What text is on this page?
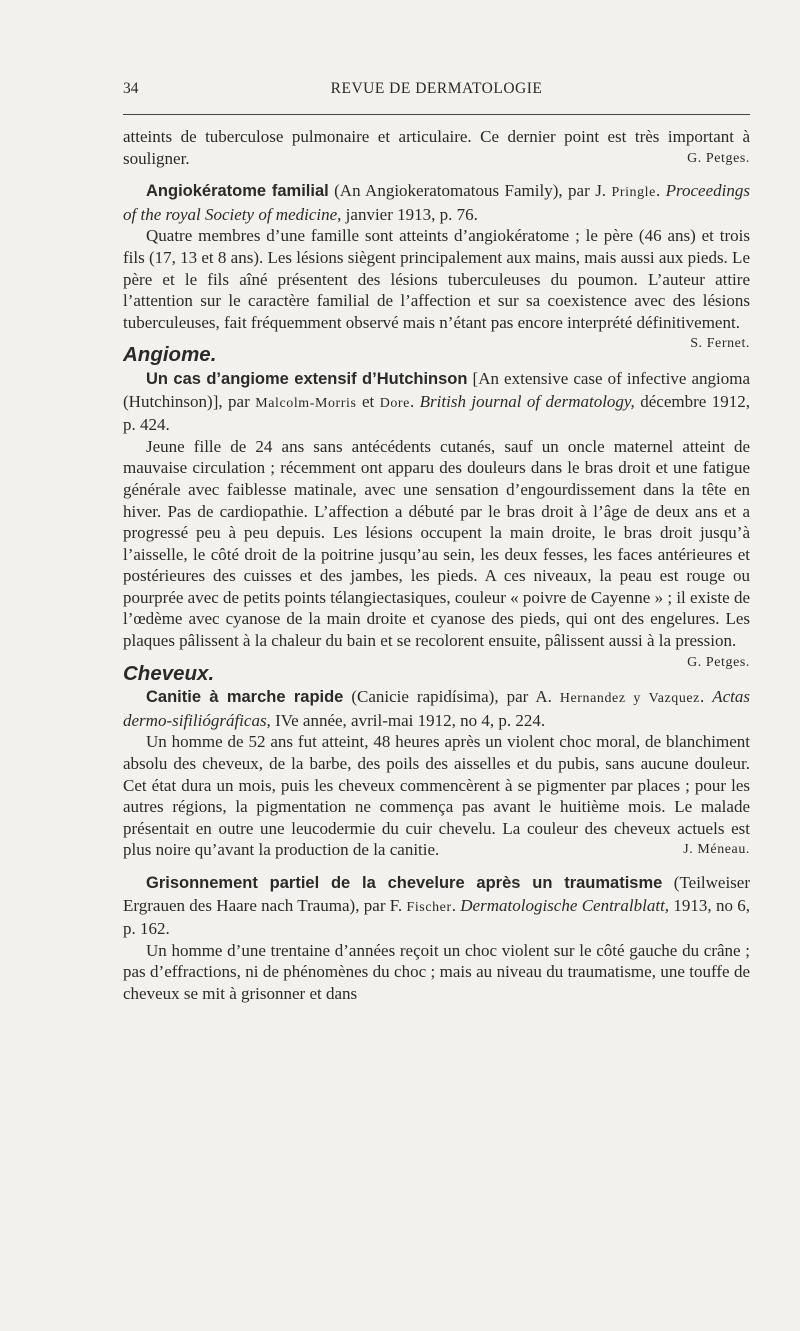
34	REVUE DE DERMATOLOGIE

atteints de tuberculose pulmonaire et articulaire. Ce dernier point est très important à souligner.	G. Petges.

Angiokératome familial (An Angiokeratomatous Family), par J. Pringle. Proceedings of the royal Society of medicine, janvier 1913, p. 76.

Quatre membres d’une famille sont atteints d’angiokératome ; le père (46 ans) et trois fils (17, 13 et 8 ans). Les lésions siègent principalement aux mains, mais aussi aux pieds. Le père et le fils aîné présentent des lésions tuberculeuses du poumon. L’auteur attire l’attention sur le caractère familial de l’affection et sur sa coexistence avec des lésions tuberculeuses, fait fréquemment observé mais n’étant pas encore interprété définitivement.
S. Fernet.

Angiome.

Un cas d’angiome extensif d’Hutchinson [An extensive case of infective angioma (Hutchinson)], par Malcolm-Morris et Dore. British journal of dermatology, décembre 1912, p. 424.

Jeune fille de 24 ans sans antécédents cutanés, sauf un oncle maternel atteint de mauvaise circulation ; récemment ont apparu des douleurs dans le bras droit et une fatigue générale avec faiblesse matinale, avec une sensation d’engourdissement dans la tête en hiver. Pas de cardiopathie. L’affection a débuté par le bras droit à l’âge de deux ans et a progressé peu à peu depuis. Les lésions occupent la main droite, le bras droit jusqu’à l’aisselle, le côté droit de la poitrine jusqu’au sein, les deux fesses, les faces antérieures et postérieures des cuisses et des jambes, les pieds. A ces niveaux, la peau est rouge ou pourprée avec de petits points télangiectasiques, couleur « poivre de Cayenne » ; il existe de l’œdème avec cyanose de la main droite et cyanose des pieds, qui ont des engelures. Les plaques pâlissent à la chaleur du bain et se recolorent ensuite, pâlissent aussi à la pression.
G. Petges.

Cheveux.

Canitie à marche rapide (Canicie rapidísima), par A. Hernandez y Vazquez. Actas dermo-sifiliógráficas, IVe année, avril-mai 1912, no 4, p. 224.

Un homme de 52 ans fut atteint, 48 heures après un violent choc moral, de blanchiment absolu des cheveux, de la barbe, des poils des aisselles et du pubis, sans aucune douleur. Cet état dura un mois, puis les cheveux commencèrent à se pigmenter par places ; pour les autres régions, la pigmentation ne commença pas avant le huitième mois. Le malade présentait en outre une leucodermie du cuir chevelu. La couleur des cheveux actuels est plus noire qu’avant la production de la canitie.	J. Méneau.

Grisonnement partiel de la chevelure après un traumatisme (Teilweiser Ergrauen des Haare nach Trauma), par F. Fischer. Dermatologische Centralblatt, 1913, no 6, p. 162.

Un homme d’une trentaine d’années reçoit un choc violent sur le côté gauche du crâne ; pas d’effractions, ni de phénomènes du choc ; mais au niveau du traumatisme, une touffe de cheveux se mit à grisonner et dans
